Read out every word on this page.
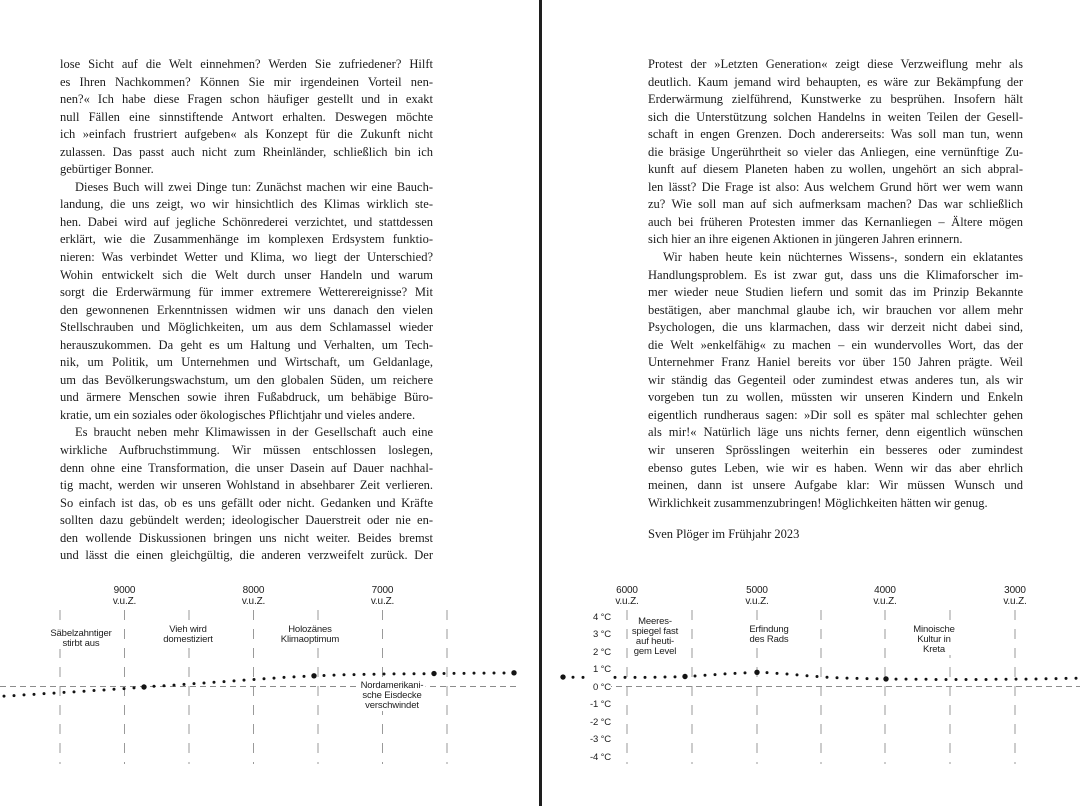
lose Sicht auf die Welt einnehmen? Werden Sie zufriedener? Hilft
es Ihren Nachkommen? Können Sie mir irgendeinen Vorteil nen-
nen?« Ich habe diese Fragen schon häufiger gestellt und in exakt
null Fällen eine sinnstiftende Antwort erhalten. Deswegen möchte
ich »einfach frustriert aufgeben« als Konzept für die Zukunft nicht
zulassen. Das passt auch nicht zum Rheinländer, schließlich bin ich
gebürtiger Bonner.
Dieses Buch will zwei Dinge tun: Zunächst machen wir eine Bauch-
landung, die uns zeigt, wo wir hinsichtlich des Klimas wirklich ste-
hen. Dabei wird auf jegliche Schönrederei verzichtet, und stattdessen
erklärt, wie die Zusammenhänge im komplexen Erdsystem funktio-
nieren: Was verbindet Wetter und Klima, wo liegt der Unterschied?
Wohin entwickelt sich die Welt durch unser Handeln und warum
sorgt die Erderwärmung für immer extremere Wetterereignisse? Mit
den gewonnenen Erkenntnissen widmen wir uns danach den vielen
Stellschrauben und Möglichkeiten, um aus dem Schlamassel wieder
herauszukommen. Da geht es um Haltung und Verhalten, um Tech-
nik, um Politik, um Unternehmen und Wirtschaft, um Geldanlage,
um das Bevölkerungswachstum, um den globalen Süden, um reichere
und ärmere Menschen sowie ihren Fußabdruck, um behäbige Büro-
kratie, um ein soziales oder ökologisches Pflichtjahr und vieles andere.
Es braucht neben mehr Klimawissen in der Gesellschaft auch eine
wirkliche Aufbruchstimmung. Wir müssen entschlossen loslegen,
denn ohne eine Transformation, die unser Dasein auf Dauer nachhal-
tig macht, werden wir unseren Wohlstand in absehbarer Zeit verlieren.
So einfach ist das, ob es uns gefällt oder nicht. Gedanken und Kräfte
sollten dazu gebündelt werden; ideologischer Dauerstreit oder nie en-
den wollende Diskussionen bringen uns nicht weiter. Beides bremst
und lässt die einen gleichgültig, die anderen verzweifelt zurück. Der
Protest der »Letzten Generation« zeigt diese Verzweiflung mehr als
deutlich. Kaum jemand wird behaupten, es wäre zur Bekämpfung der
Erderwärmung zielführend, Kunstwerke zu besprühen. Insofern hält
sich die Unterstützung solchen Handelns in weiten Teilen der Gesell-
schaft in engen Grenzen. Doch andererseits: Was soll man tun, wenn
die bräsige Ungerührtheit so vieler das Anliegen, eine vernünftige Zu-
kunft auf diesem Planeten haben zu wollen, ungehört an sich abpral-
len lässt? Die Frage ist also: Aus welchem Grund hört wer wem wann
zu? Wie soll man auf sich aufmerksam machen? Das war schließlich
auch bei früheren Protesten immer das Kernanliegen – Ältere mögen
sich hier an ihre eigenen Aktionen in jüngeren Jahren erinnern.
Wir haben heute kein nüchternes Wissens-, sondern ein eklatantes
Handlungsproblem. Es ist zwar gut, dass uns die Klimaforscher im-
mer wieder neue Studien liefern und somit das im Prinzip Bekannte
bestätigen, aber manchmal glaube ich, wir brauchen vor allem mehr
Psychologen, die uns klarmachen, dass wir derzeit nicht dabei sind,
die Welt »enkelfähig« zu machen – ein wundervolles Wort, das der
Unternehmer Franz Haniel bereits vor über 150 Jahren prägte. Weil
wir ständig das Gegenteil oder zumindest etwas anderes tun, als wir
vorgeben tun zu wollen, müssten wir unseren Kindern und Enkeln
eigentlich rundheraus sagen: »Dir soll es später mal schlechter gehen
als mir!« Natürlich läge uns nichts ferner, denn eigentlich wünschen
wir unseren Sprösslingen weiterhin ein besseres oder zumindest
ebenso gutes Leben, wie wir es haben. Wenn wir das aber ehrlich
meinen, dann ist unsere Aufgabe klar: Wir müssen Wunsch und
Wirklichkeit zusammenzubringen! Möglichkeiten hätten wir genug.
Sven Plöger im Frühjahr 2023
9000
v.u.Z.
8000
v.u.Z.
7000
v.u.Z.
6000
v.u.Z.
5000
v.u.Z.
4000
v.u.Z.
3000
v.u.Z.
4 °C
3 °C
2 °C
1 °C
0 °C
-1 °C
-2 °C
-3 °C
-4 °C
Säbelzahntiger
stirbt aus
Vieh wird
domestiziert
Holozänes
Klimaoptimum
Nordamerikani-
sche Eisdecke
verschwindet
Meeres-
spiegel fast
auf heuti-
gem Level
Erfindung
des Rads
Minoische
Kultur in
Kreta
